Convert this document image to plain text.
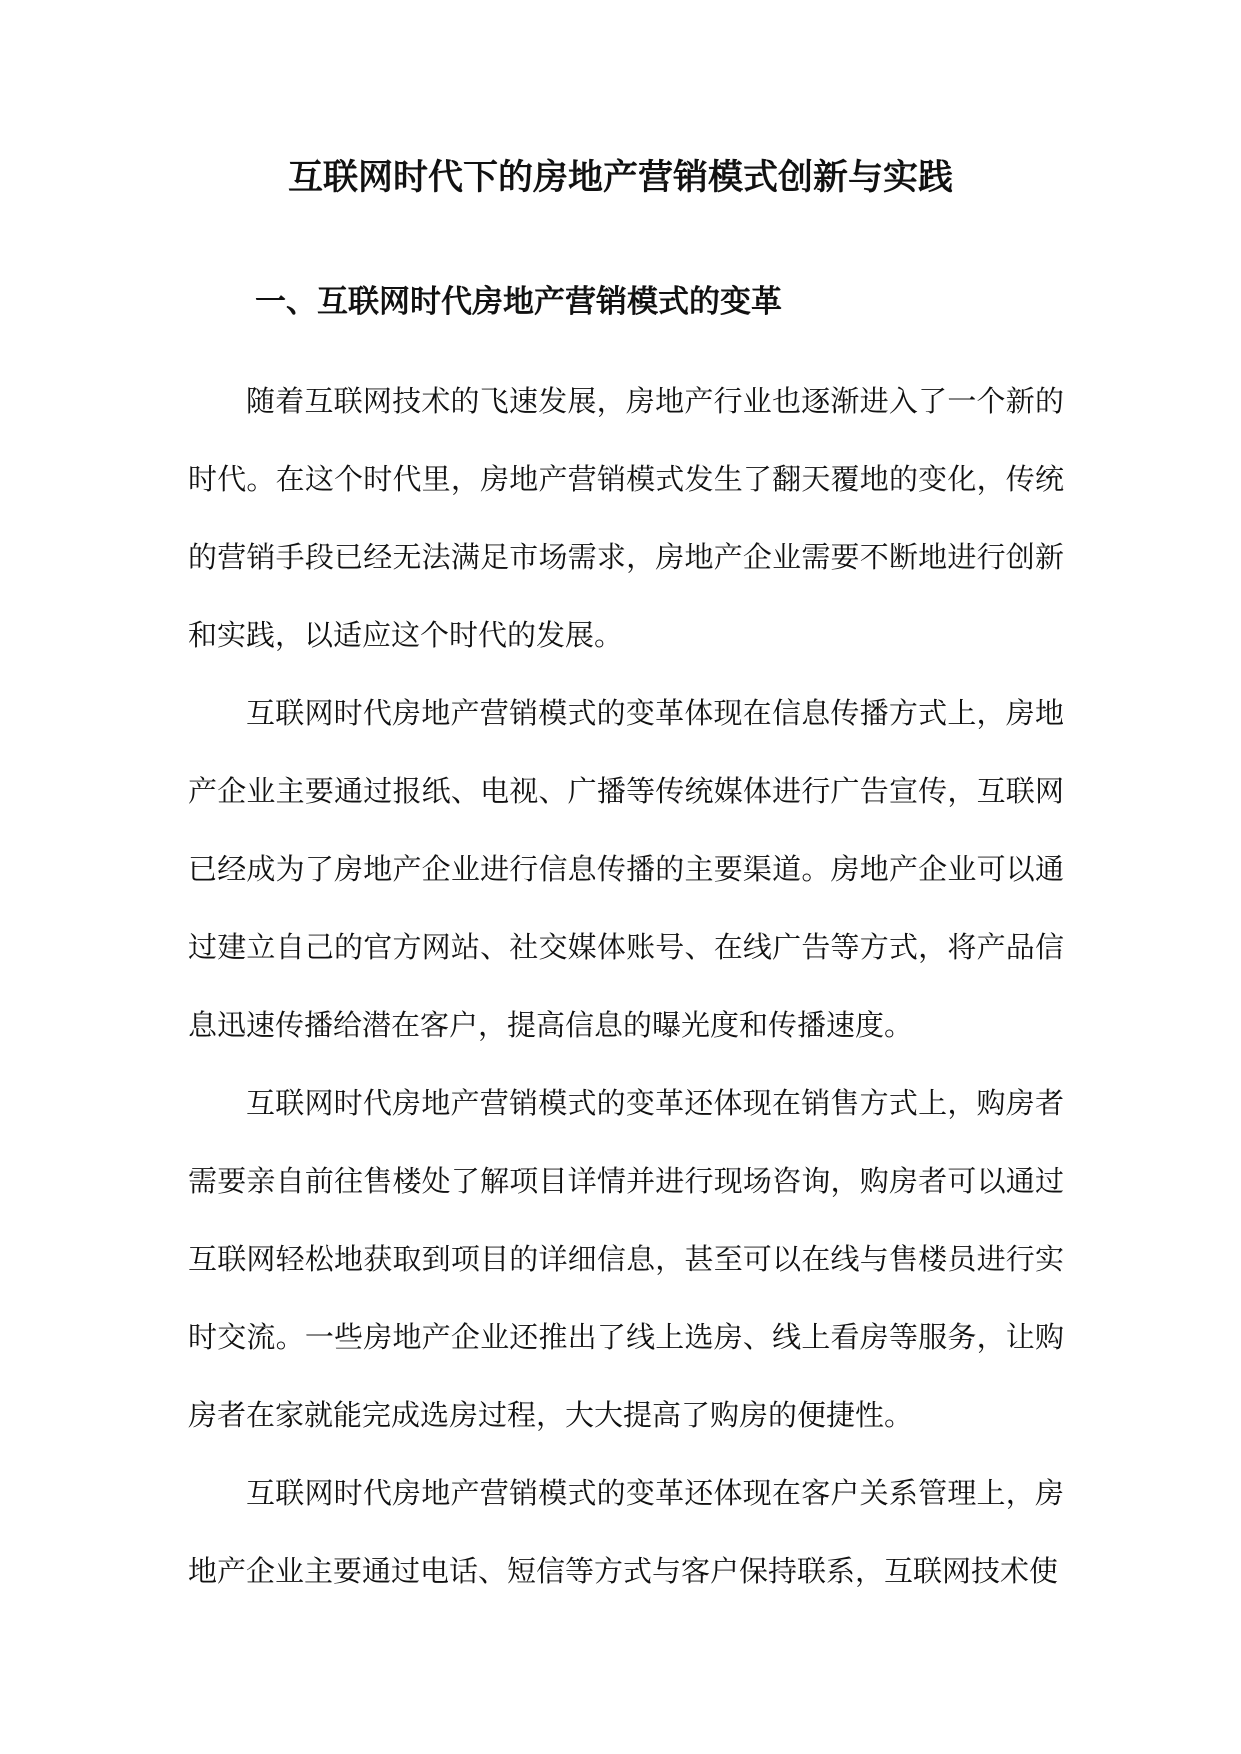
互联网时代下的房地产营销模式创新与实践
一、互联网时代房地产营销模式的变革

随着互联网技术的飞速发展，房地产行业也逐渐进入了一个新的时代。在这个时代里，房地产营销模式发生了翻天覆地的变化，传统的营销手段已经无法满足市场需求，房地产企业需要不断地进行创新和实践，以适应这个时代的发展。

互联网时代房地产营销模式的变革体现在信息传播方式上，房地产企业主要通过报纸、电视、广播等传统媒体进行广告宣传，互联网已经成为了房地产企业进行信息传播的主要渠道。房地产企业可以通过建立自己的官方网站、社交媒体账号、在线广告等方式，将产品信息迅速传播给潜在客户，提高信息的曝光度和传播速度。

互联网时代房地产营销模式的变革还体现在销售方式上，购房者需要亲自前往售楼处了解项目详情并进行现场咨询，购房者可以通过互联网轻松地获取到项目的详细信息，甚至可以在线与售楼员进行实时交流。一些房地产企业还推出了线上选房、线上看房等服务，让购房者在家就能完成选房过程，大大提高了购房的便捷性。

互联网时代房地产营销模式的变革还体现在客户关系管理上，房地产企业主要通过电话、短信等方式与客户保持联系，互联网技术使
